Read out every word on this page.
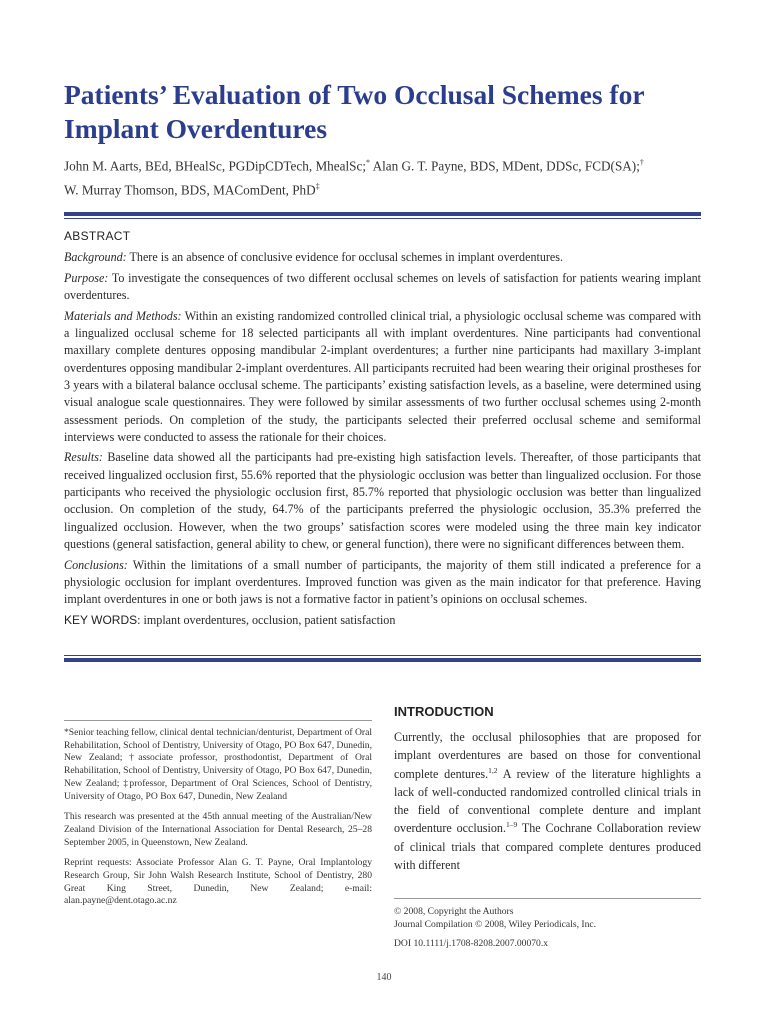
Patients’ Evaluation of Two Occlusal Schemes for
Implant Overdentures

John M. Aarts, BEd, BHealSc, PGDipCDTech, MhealSc;* Alan G. T. Payne, BDS, MDent, DDSc, FCD(SA);†
W. Murray Thomson, BDS, MAComDent, PhD‡

ABSTRACT

Background: There is an absence of conclusive evidence for occlusal schemes in implant overdentures.

Purpose: To investigate the consequences of two different occlusal schemes on levels of satisfaction for patients wearing implant overdentures.

Materials and Methods: Within an existing randomized controlled clinical trial, a physiologic occlusal scheme was compared with a lingualized occlusal scheme for 18 selected participants all with implant overdentures. Nine participants had conventional maxillary complete dentures opposing mandibular 2-implant overdentures; a further nine participants had maxillary 3-implant overdentures opposing mandibular 2-implant overdentures. All participants recruited had been wearing their original prostheses for 3 years with a bilateral balance occlusal scheme. The participants’ existing satisfaction levels, as a baseline, were determined using visual analogue scale questionnaires. They were followed by similar assessments of two further occlusal schemes using 2-month assessment periods. On completion of the study, the participants selected their preferred occlusal scheme and semiformal interviews were conducted to assess the rationale for their choices.

Results: Baseline data showed all the participants had pre-existing high satisfaction levels. Thereafter, of those participants that received lingualized occlusion first, 55.6% reported that the physiologic occlusion was better than lingualized occlusion. For those participants who received the physiologic occlusion first, 85.7% reported that physiologic occlusion was better than lingualized occlusion. On completion of the study, 64.7% of the participants preferred the physiologic occlusion, 35.3% preferred the lingualized occlusion. However, when the two groups’ satisfaction scores were modeled using the three main key indicator questions (general satisfaction, general ability to chew, or general function), there were no significant differences between them.

Conclusions: Within the limitations of a small number of participants, the majority of them still indicated a preference for a physiologic occlusion for implant overdentures. Improved function was given as the main indicator for that preference. Having implant overdentures in one or both jaws is not a formative factor in patient’s opinions on occlusal schemes.

KEY WORDS: implant overdentures, occlusion, patient satisfaction

INTRODUCTION

Currently, the occlusal philosophies that are proposed for implant overdentures are based on those for conventional complete dentures.$^{1,2}$ A review of the literature highlights a lack of well-conducted randomized controlled clinical trials in the field of conventional complete denture and implant overdenture occlusion.$^{1-9}$ The Cochrane Collaboration review of clinical trials that compared complete dentures produced with different

*Senior teaching fellow, clinical dental technician/denturist, Department of Oral Rehabilitation, School of Dentistry, University of Otago, PO Box 647, Dunedin, New Zealand; †associate professor, prosthodontist, Department of Oral Rehabilitation, School of Dentistry, University of Otago, PO Box 647, Dunedin, New Zealand; ‡professor, Department of Oral Sciences, School of Dentistry, University of Otago, PO Box 647, Dunedin, New Zealand

This research was presented at the 45th annual meeting of the Australian/New Zealand Division of the International Association for Dental Research, 25–28 September 2005, in Queenstown, New Zealand.

Reprint requests: Associate Professor Alan G. T. Payne, Oral Implantology Research Group, Sir John Walsh Research Institute, School of Dentistry, 280 Great King Street, Dunedin, New Zealand; e-mail: alan.payne@dent.otago.ac.nz

© 2008, Copyright the Authors

Journal Compilation © 2008, Wiley Periodicals, Inc.

DOI 10.1111/j.1708-8208.2007.00070.x

140
